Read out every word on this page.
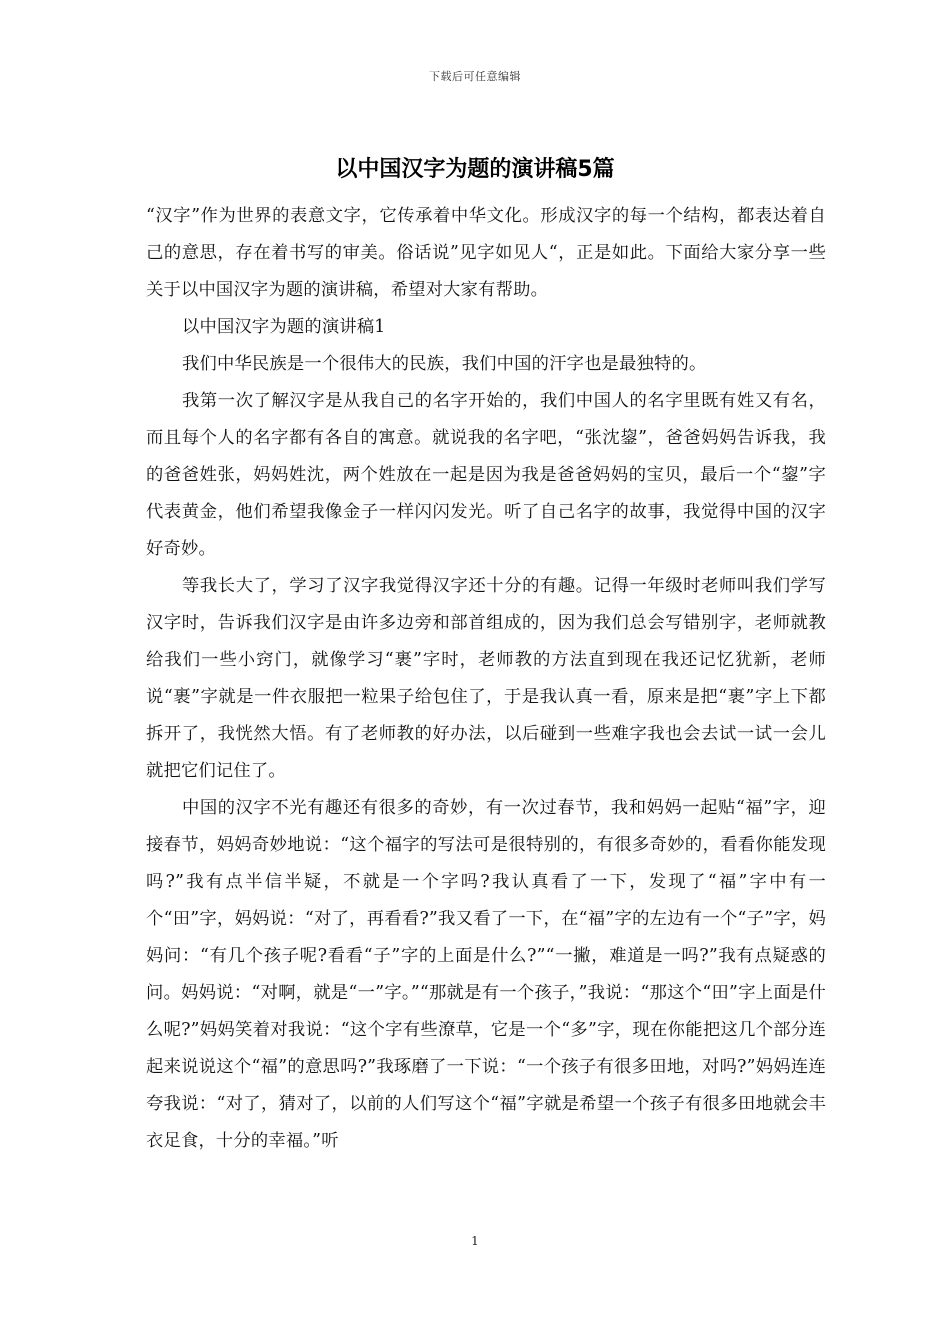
下载后可任意编辑
以中国汉字为题的演讲稿5篇

“汉字”作为世界的表意文字，它传承着中华文化。形成汉字的每一个结构，都表达着自己的意思，存在着书写的审美。俗话说”见字如见人“，正是如此。下面给大家分享一些关于以中国汉字为题的演讲稿，希望对大家有帮助。

以中国汉字为题的演讲稿1

我们中华民族是一个很伟大的民族，我们中国的汗字也是最独特的。

我第一次了解汉字是从我自己的名字开始的，我们中国人的名字里既有姓又有名，而且每个人的名字都有各自的寓意。就说我的名字吧，“张沈鋆”，爸爸妈妈告诉我，我的爸爸姓张，妈妈姓沈，两个姓放在一起是因为我是爸爸妈妈的宝贝，最后一个“鋆”字代表黄金，他们希望我像金子一样闪闪发光。听了自己名字的故事，我觉得中国的汉字好奇妙。

等我长大了，学习了汉字我觉得汉字还十分的有趣。记得一年级时老师叫我们学写汉字时，告诉我们汉字是由许多边旁和部首组成的，因为我们总会写错别字，老师就教给我们一些小窍门，就像学习“裹”字时，老师教的方法直到现在我还记忆犹新，老师说“裹”字就是一件衣服把一粒果子给包住了，于是我认真一看，原来是把“裹”字上下都拆开了，我恍然大悟。有了老师教的好办法，以后碰到一些难字我也会去试一试一会儿就把它们记住了。

中国的汉字不光有趣还有很多的奇妙，有一次过春节，我和妈妈一起贴“福”字，迎接春节，妈妈奇妙地说：“这个福字的写法可是很特别的，有很多奇妙的，看看你能发现吗?”我有点半信半疑，不就是一个字吗?我认真看了一下，发现了“福”字中有一个“田”字，妈妈说：“对了，再看看?”我又看了一下，在“福”字的左边有一个“子”字，妈妈问：“有几个孩子呢?看看“子”字的上面是什么?”“一撇，难道是一吗?”我有点疑惑的问。妈妈说：“对啊，就是“一”字。”“那就是有一个孩子，”我说：“那这个“田”字上面是什么呢?”妈妈笑着对我说：“这个字有些潦草，它是一个“多”字，现在你能把这几个部分连起来说说这个“福”的意思吗?”我琢磨了一下说：“一个孩子有很多田地，对吗?”妈妈连连夸我说：“对了，猜对了，以前的人们写这个“福”字就是希望一个孩子有很多田地就会丰衣足食，十分的幸福。”听

1
